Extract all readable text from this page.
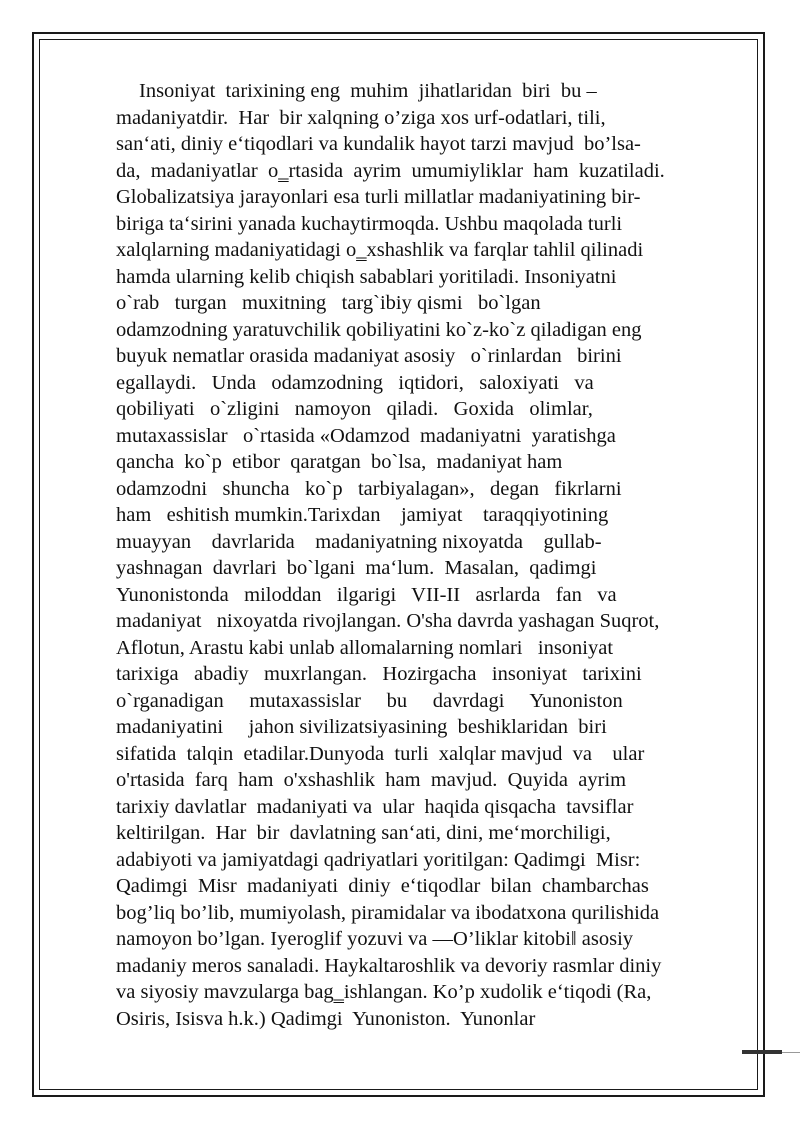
Insoniyat  tarixining eng  muhim  jihatlaridan  biri  bu –
madaniyatdir.  Har  bir xalqning o’ziga xos urf-odatlari, tili,
san‘ati, diniy e‘tiqodlari va kundalik hayot tarzi mavjud  bo’lsa-
da,  madaniyatlar  o‗rtasida  ayrim  umumiyliklar  ham  kuzatiladi.
Globalizatsiya jarayonlari esa turli millatlar madaniyatining bir-
biriga ta‘sirini yanada kuchaytirmoqda. Ushbu maqolada turli
xalqlarning madaniyatidagi o‗xshashlik va farqlar tahlil qilinadi
hamda ularning kelib chiqish sabablari yoritiladi. Insoniyatni
o`rab   turgan   muxitning   targ`ibiy qismi   bo`lgan
odamzodning yaratuvchilik qobiliyatini ko`z-ko`z qiladigan eng
buyuk nematlar orasida madaniyat asosiy   o`rinlardan   birini
egallaydi.   Unda   odamzodning   iqtidori,   saloxiyati   va
qobiliyati   o`zligini   namoyon   qiladi.   Goxida   olimlar,
mutaxassislar   o`rtasida «Odamzod  madaniyatni  yaratishga
qancha  ko`p  etibor  qaratgan  bo`lsa,  madaniyat ham
odamzodni   shuncha   ko`p   tarbiyalagan»,   degan   fikrlarni
ham   eshitish mumkin.Tarixdan    jamiyat    taraqqiyotining
muayyan    davrlarida    madaniyatning nixoyatda    gullab-
yashnagan  davrlari  bo`lgani  ma‘lum.  Masalan,  qadimgi
Yunonistonda   miloddan   ilgarigi   VII-II   asrlarda   fan   va
madaniyat   nixoyatda rivojlangan. O'sha davrda yashagan Suqrot,
Aflotun, Arastu kabi unlab allomalarning nomlari   insoniyat
tarixiga   abadiy   muxrlangan.   Hozirgacha   insoniyat   tarixini
o`rganadigan     mutaxassislar     bu     davrdagi     Yunoniston
madaniyatini     jahon sivilizatsiyasining  beshiklaridan  biri
sifatida  talqin  etadilar.Dunyoda  turli  xalqlar mavjud  va    ular
o'rtasida  farq  ham  o'xshashlik  ham  mavjud.  Quyida  ayrim
tarixiy davlatlar  madaniyati va  ular  haqida qisqacha  tavsiflar
keltirilgan.  Har  bir  davlatning san‘ati, dini, me‘morchiligi,
adabiyoti va jamiyatdagi qadriyatlari yoritilgan: Qadimgi  Misr:
Qadimgi  Misr  madaniyati  diniy  e‘tiqodlar  bilan  chambarchas
bog’liq bo’lib, mumiyolash, piramidalar va ibodatxona qurilishida
namoyon bo’lgan. Iyeroglif yozuvi va ―O’liklar kitobi‖ asosiy
madaniy meros sanaladi. Haykaltaroshlik va devoriy rasmlar diniy
va siyosiy mavzularga bag‗ishlangan. Ko’p xudolik e‘tiqodi (Ra,
Osiris, Isisva h.k.) Qadimgi  Yunoniston.  Yunonlar
